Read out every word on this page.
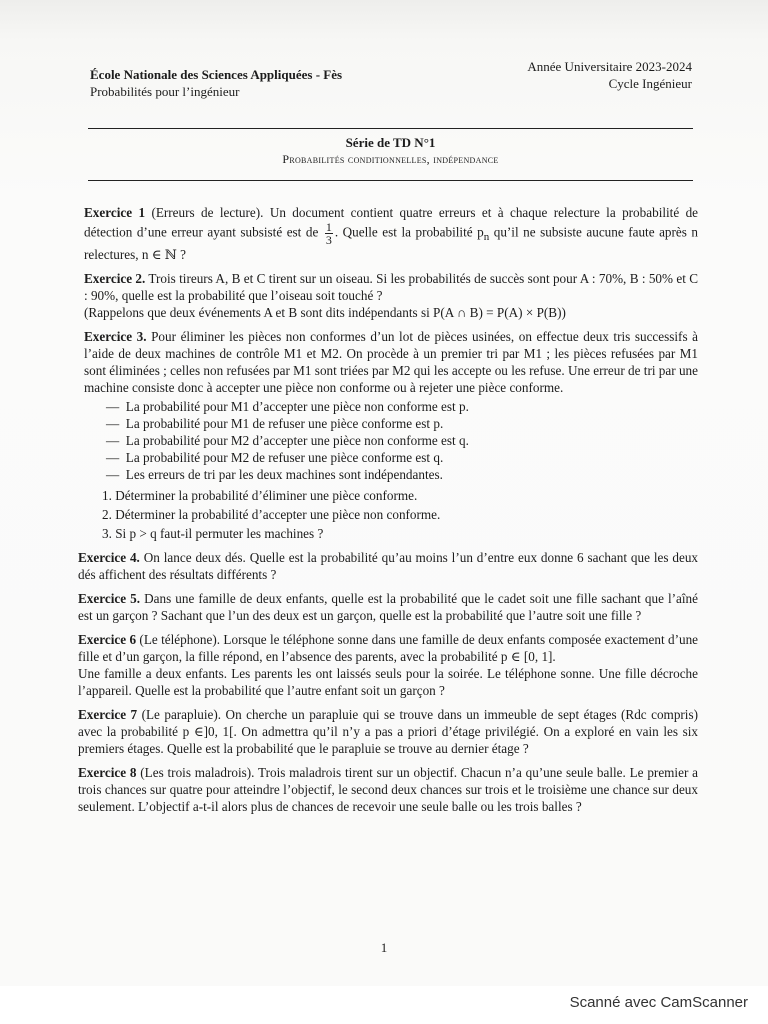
École Nationale des Sciences Appliquées - Fès
Probabilités pour l’ingénieur
Année Universitaire 2023-2024
Cycle Ingénieur
Série de TD N°1
Probabilités conditionnelles, indépendance

Exercice 1 (Erreurs de lecture). Un document contient quatre erreurs et à chaque relecture la probabilité de détection d’une erreur ayant subsisté est de $\frac{1}{3}$ . Quelle est la probabilité $p_n$ qu’il ne subsiste aucune faute après n relectures, n ∈ ℕ ?

Exercice 2. Trois tireurs A, B et C tirent sur un oiseau. Si les probabilités de succès sont pour A : 70%, B : 50% et C : 90%, quelle est la probabilité que l’oiseau soit touché ?

(Rappelons que deux événements A et B sont dits indépendants si P(A ∩ B) = P(A) × P(B))

Exercice 3. Pour éliminer les pièces non conformes d’un lot de pièces usinées, on effectue deux tris successifs à l’aide de deux machines de contrôle M1 et M2. On procède à un premier tri par M1 ; les pièces refusées par M1 sont éliminées ; celles non refusées par M1 sont triées par M2 qui les accepte ou les refuse. Une erreur de tri par une machine consiste donc à accepter une pièce non conforme ou à rejeter une pièce conforme.

—  La probabilité pour M1 d’accepter une pièce non conforme est p.
—  La probabilité pour M1 de refuser une pièce conforme est p.
—  La probabilité pour M2 d’accepter une pièce non conforme est q.
—  La probabilité pour M2 de refuser une pièce conforme est q.
—  Les erreurs de tri par les deux machines sont indépendantes.
1. Déterminer la probabilité d’éliminer une pièce conforme.
2. Déterminer la probabilité d’accepter une pièce non conforme.
3. Si p > q faut-il permuter les machines ?

Exercice 4. On lance deux dés. Quelle est la probabilité qu’au moins l’un d’entre eux donne 6 sachant que les deux dés affichent des résultats différents ?

Exercice 5. Dans une famille de deux enfants, quelle est la probabilité que le cadet soit une fille sachant que l’aîné est un garçon ? Sachant que l’un des deux est un garçon, quelle est la probabilité que l’autre soit une fille ?

Exercice 6 (Le téléphone). Lorsque le téléphone sonne dans une famille de deux enfants composée exactement d’une fille et d’un garçon, la fille répond, en l’absence des parents, avec la probabilité p ∈ [0, 1].

Une famille a deux enfants. Les parents les ont laissés seuls pour la soirée. Le téléphone sonne. Une fille décroche l’appareil. Quelle est la probabilité que l’autre enfant soit un garçon ?

Exercice 7 (Le parapluie). On cherche un parapluie qui se trouve dans un immeuble de sept étages (Rdc compris) avec la probabilité p ∈]0, 1[. On admettra qu’il n’y a pas a priori d’étage privilégié. On a exploré en vain les six premiers étages. Quelle est la probabilité que le parapluie se trouve au dernier étage ?

Exercice 8 (Les trois maladrois). Trois maladrois tirent sur un objectif. Chacun n’a qu’une seule balle. Le premier a trois chances sur quatre pour atteindre l’objectif, le second deux chances sur trois et le troisième une chance sur deux seulement. L’objectif a-t-il alors plus de chances de recevoir une seule balle ou les trois balles ?

1
Scanné avec CamScanner
